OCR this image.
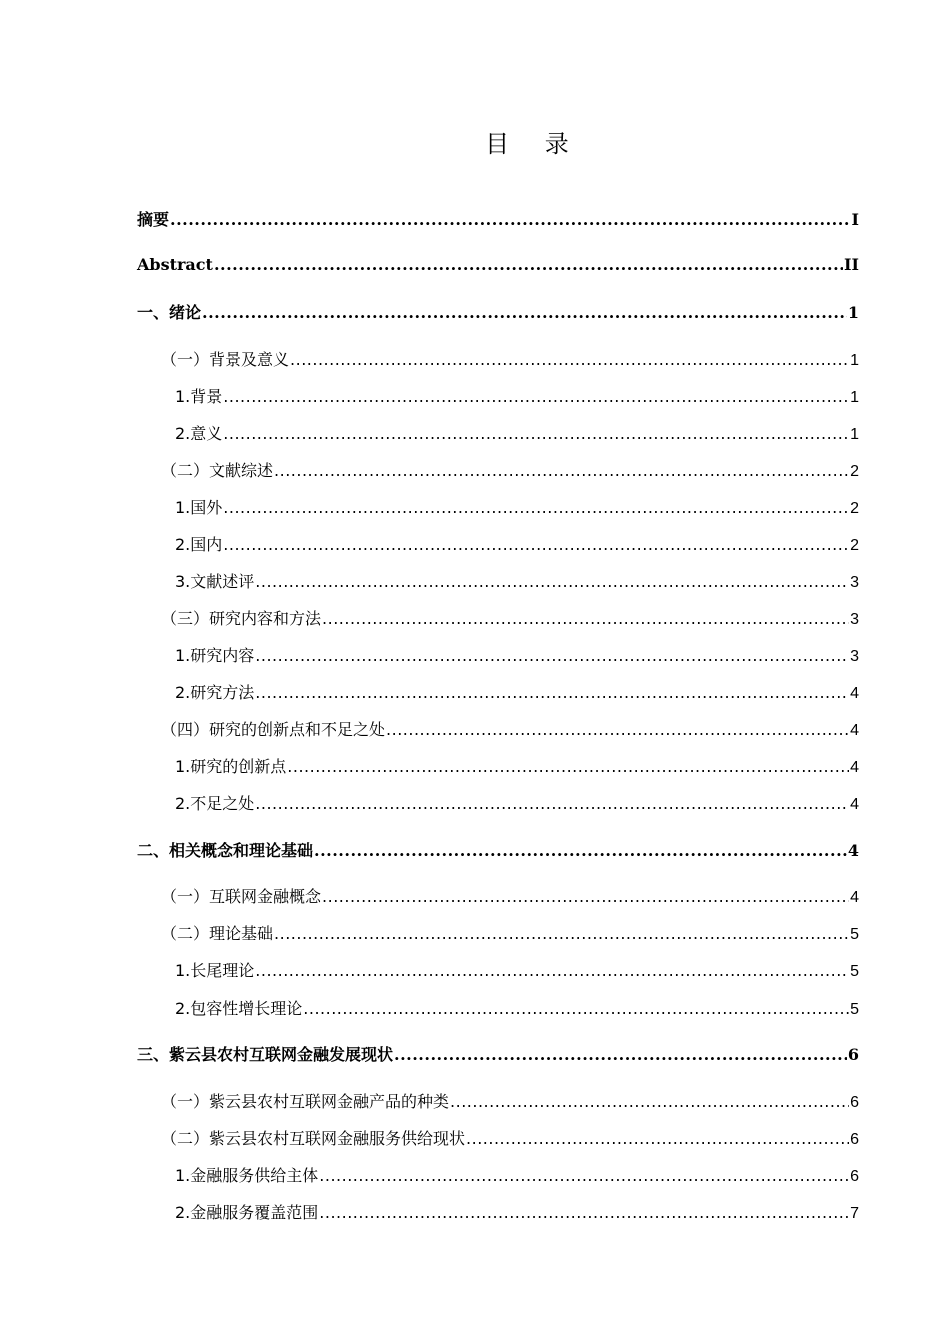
目 录
摘要 .....	I
Abstract .....	II
一、绪论 .....	1
（一）背景及意义 .....	1
1.背景 .....	1
2.意义 .....	1
（二）文献综述 .....	2
1.国外 .....	2
2.国内 .....	2
3.文献述评 .....	3
（三）研究内容和方法 .....	3
1.研究内容 .....	3
2.研究方法 .....	4
（四）研究的创新点和不足之处 .....	4
1.研究的创新点 .....	4
2.不足之处 .....	4
二、相关概念和理论基础 .....	4
（一）互联网金融概念 .....	4
（二）理论基础 .....	5
1.长尾理论 .....	5
2.包容性增长理论 .....	5
三、紫云县农村互联网金融发展现状 .....	6
（一）紫云县农村互联网金融产品的种类 .....	6
（二）紫云县农村互联网金融服务供给现状 .....	6
1.金融服务供给主体 .....	6
2.金融服务覆盖范围 .....	7
